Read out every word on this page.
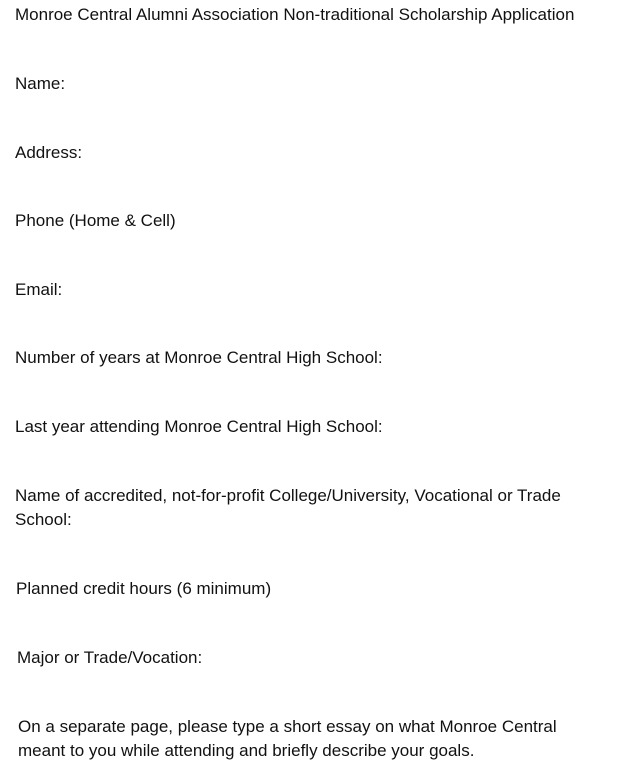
Monroe Central Alumni Association Non-traditional Scholarship Application
Name:
Address:
Phone (Home & Cell)
Email:
Number of years at Monroe Central High School:
Last year attending Monroe Central High School:
Name of accredited, not-for-profit College/University, Vocational or Trade
School:
Planned credit hours (6 minimum)
Major or Trade/Vocation:
On a separate page, please type a short essay on what Monroe Central
meant to you while attending and briefly describe your goals.
